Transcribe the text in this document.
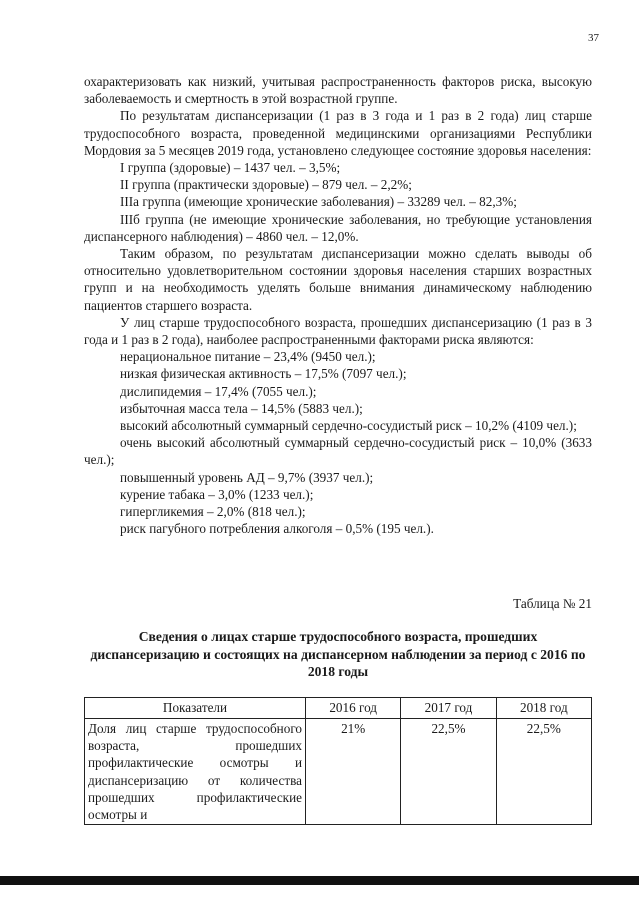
37

охарактеризовать как низкий, учитывая распространенность факторов риска, высокую заболеваемость и смертность в этой возрастной группе.

По результатам диспансеризации (1 раз в 3 года и 1 раз в 2 года) лиц старше трудоспособного возраста, проведенной медицинскими организациями Республики Мордовия за 5 месяцев 2019 года, установлено следующее состояние здоровья населения:

I группа (здоровые) – 1437 чел. – 3,5%;

II группа (практически здоровые) – 879 чел. – 2,2%;

IIIа группа (имеющие хронические заболевания) – 33289 чел. – 82,3%;

IIIб группа (не имеющие хронические заболевания, но требующие установления диспансерного наблюдения) – 4860 чел. – 12,0%.

Таким образом, по результатам диспансеризации можно сделать выводы об относительно удовлетворительном состоянии здоровья населения старших возрастных групп и на необходимость уделять больше внимания динамическому наблюдению пациентов старшего возраста.

У лиц старше трудоспособного возраста, прошедших диспансеризацию (1 раз в 3 года и 1 раз в 2 года), наиболее распространенными факторами риска являются:

нерациональное питание – 23,4% (9450 чел.);

низкая физическая активность – 17,5% (7097 чел.);

дислипидемия – 17,4% (7055 чел.);

избыточная масса тела – 14,5% (5883 чел.);

высокий абсолютный суммарный сердечно-сосудистый риск – 10,2% (4109 чел.);

очень высокий абсолютный суммарный сердечно-сосудистый риск – 10,0% (3633 чел.);

повышенный уровень АД – 9,7% (3937 чел.);

курение табака – 3,0% (1233 чел.);

гипергликемия – 2,0% (818 чел.);

риск пагубного потребления алкоголя – 0,5% (195 чел.).

Таблица № 21
Сведения о лицах старше трудоспособного возраста, прошедших диспансеризацию и состоящих на диспансерном наблюдении за период с 2016 по 2018 годы
Показатели	2016 год	2017 год	2018 год
Доля лиц старше трудоспособного возраста, прошедших профилактические осмотры и диспансеризацию от количества прошедших профилактические осмотры и	21%	22,5%	22,5%
